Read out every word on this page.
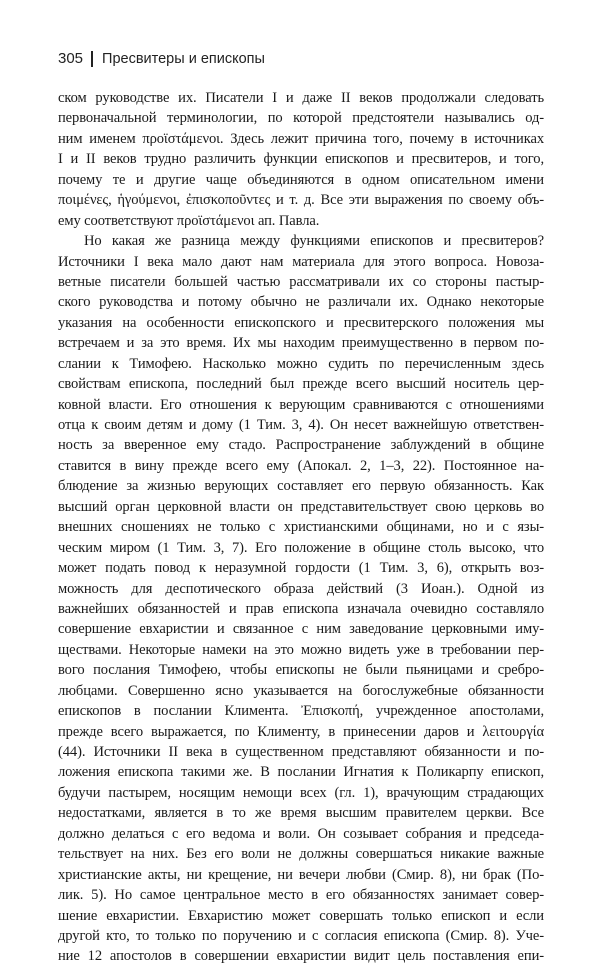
305 Пресвитеры и епископы
ском руководстве их. Писатели I и даже II веков продолжали следовать
первоначальной терминологии, по которой предстоятели назывались од-
ним именем προϊστάμενοι. Здесь лежит причина того, почему в источниках
I и II веков трудно различить функции епископов и пресвитеров, и того,
почему те и другие чаще объединяются в одном описательном имени
ποιμένες, ἡγούμενοι, ἐπισκοποῦντες и т. д. Все эти выражения по своему объ-
ему соответствуют προϊστάμενοι ап. Павла.
Но какая же разница между функциями епископов и пресвитеров?
Источники I века мало дают нам материала для этого вопроса. Новоза-
ветные писатели большей частью рассматривали их со стороны пастыр-
ского руководства и потому обычно не различали их. Однако некоторые
указания на особенности епископского и пресвитерского положения мы
встречаем и за это время. Их мы находим преимущественно в первом по-
слании к Тимофею. Насколько можно судить по перечисленным здесь
свойствам епископа, последний был прежде всего высший носитель цер-
ковной власти. Его отношения к верующим сравниваются с отношениями
отца к своим детям и дому (1 Тим. 3, 4). Он несет важнейшую ответствен-
ность за вверенное ему стадо. Распространение заблуждений в общине
ставится в вину прежде всего ему (Апокал. 2, 1–3, 22). Постоянное на-
блюдение за жизнью верующих составляет его первую обязанность. Как
высший орган церковной власти он представительствует свою церковь во
внешних сношениях не только с христианскими общинами, но и с язы-
ческим миром (1 Тим. 3, 7). Его положение в общине столь высоко, что
может подать повод к неразумной гордости (1 Тим. 3, 6), открыть воз-
можность для деспотического образа действий (3 Иоан.). Одной из
важнейших обязанностей и прав епископа изначала очевидно составляло
совершение евхаристии и связанное с ним заведование церковными иму-
ществами. Некоторые намеки на это можно видеть уже в требовании пер-
вого послания Тимофею, чтобы епископы не были пьяницами и сребро-
любцами. Совершенно ясно указывается на богослужебные обязанности
епископов в послании Климента. Ἐπισκοπή, учрежденное апостолами,
прежде всего выражается, по Клименту, в принесении даров и λειτουργία
(44). Источники II века в существенном представляют обязанности и по-
ложения епископа такими же. В послании Игнатия к Поликарпу епископ,
будучи пастырем, носящим немощи всех (гл. 1), врачующим страдающих
недостатками, является в то же время высшим правителем церкви. Все
должно делаться с его ведома и воли. Он созывает собрания и председа-
тельствует на них. Без его воли не должны совершаться никакие важные
христианские акты, ни крещение, ни вечери любви (Смир. 8), ни брак (По-
лик. 5). Но самое центральное место в его обязанностях занимает совер-
шение евхаристии. Евхаристию может совершать только епископ и если
другой кто, то только по поручению и с согласия епископа (Смир. 8). Уче-
ние 12 апостолов в совершении евхаристии видит цель поставления епи-
